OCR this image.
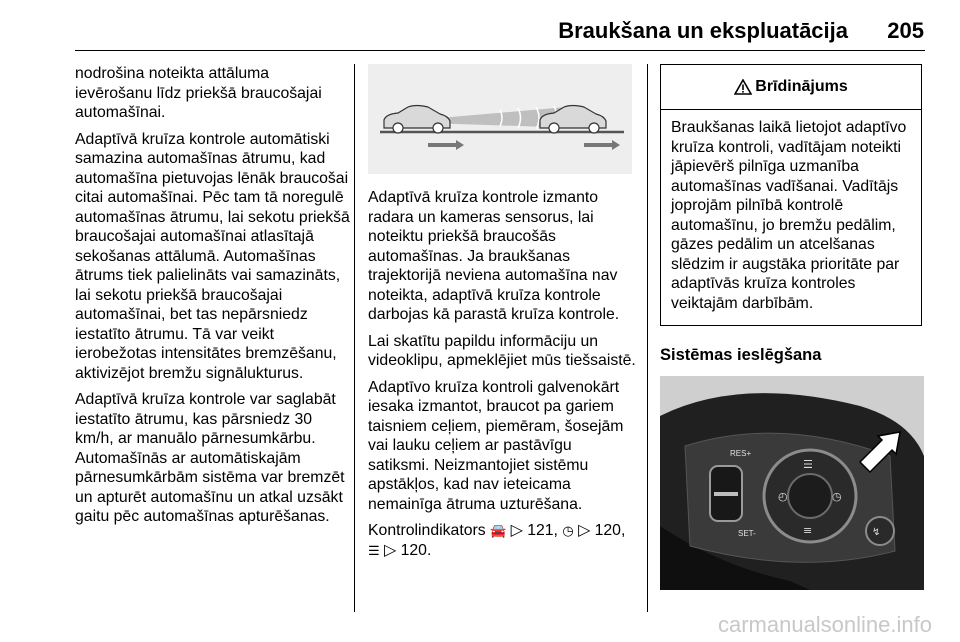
Braukšana un ekspluatācija 205

nodrošina noteikta attāluma ievērošanu līdz priekšā braucošajai automašīnai.

Adaptīvā kruīza kontrole automātiski samazina automašīnas ātrumu, kad automašīna pietuvojas lēnāk braucošai citai automašīnai. Pēc tam tā noregulē automašīnas ātrumu, lai sekotu priekšā braucošajai automašīnai atlasītajā sekošanas attālumā. Automašīnas ātrums tiek palielināts vai samazināts, lai sekotu priekšā braucošajai automašīnai, bet tas nepārsniedz iestatīto ātrumu. Tā var veikt ierobežotas intensitātes bremzēšanu, aktivizējot bremžu signālukturus.

Adaptīvā kruīza kontrole var saglabāt iestatīto ātrumu, kas pārsniedz 30 km/h, ar manuālo pārnesumkārbu. Automašīnās ar automātiskajām pārnesumkārbām sistēma var bremzēt un apturēt automašīnu un atkal uzsākt gaitu pēc automašīnas apturēšanas.

Adaptīvā kruīza kontrole izmanto radara un kameras sensorus, lai noteiktu priekšā braucošās automašīnas. Ja braukšanas trajektorijā neviena automašīna nav noteikta, adaptīvā kruīza kontrole darbojas kā parastā kruīza kontrole.

Lai skatītu papildu informāciju un videoklipu, apmeklējiet mūs tiešsaistē.

Adaptīvo kruīza kontroli galvenokārt iesaka izmantot, braucot pa gariem taisniem ceļiem, piemēram, šosejām vai lauku ceļiem ar pastāvīgu satiksmi. Neizmantojiet sistēmu apstākļos, kad nav ieteicama nemainīga ātruma uzturēšana.

Kontrolindikators 🚘 ▷ 121, ◷ ▷ 120,
☰ ▷ 120.

Brīdinājums
Braukšanas laikā lietojot adaptīvo kruīza kontroli, vadītājam noteikti jāpievērš pilnīga uzmanība automašīnas vadīšanai. Vadītājs joprojām pilnībā kontrolē automašīnu, jo bremžu pedālim, gāzes pedālim un atcelšanas slēdzim ir augstāka prioritāte par adaptīvās kruīza kontroles veiktajām darbībām.
Sistēmas ieslēgšana
RES+
SET-
◴	◷
☰
≡	↯
carmanualsonline.info
